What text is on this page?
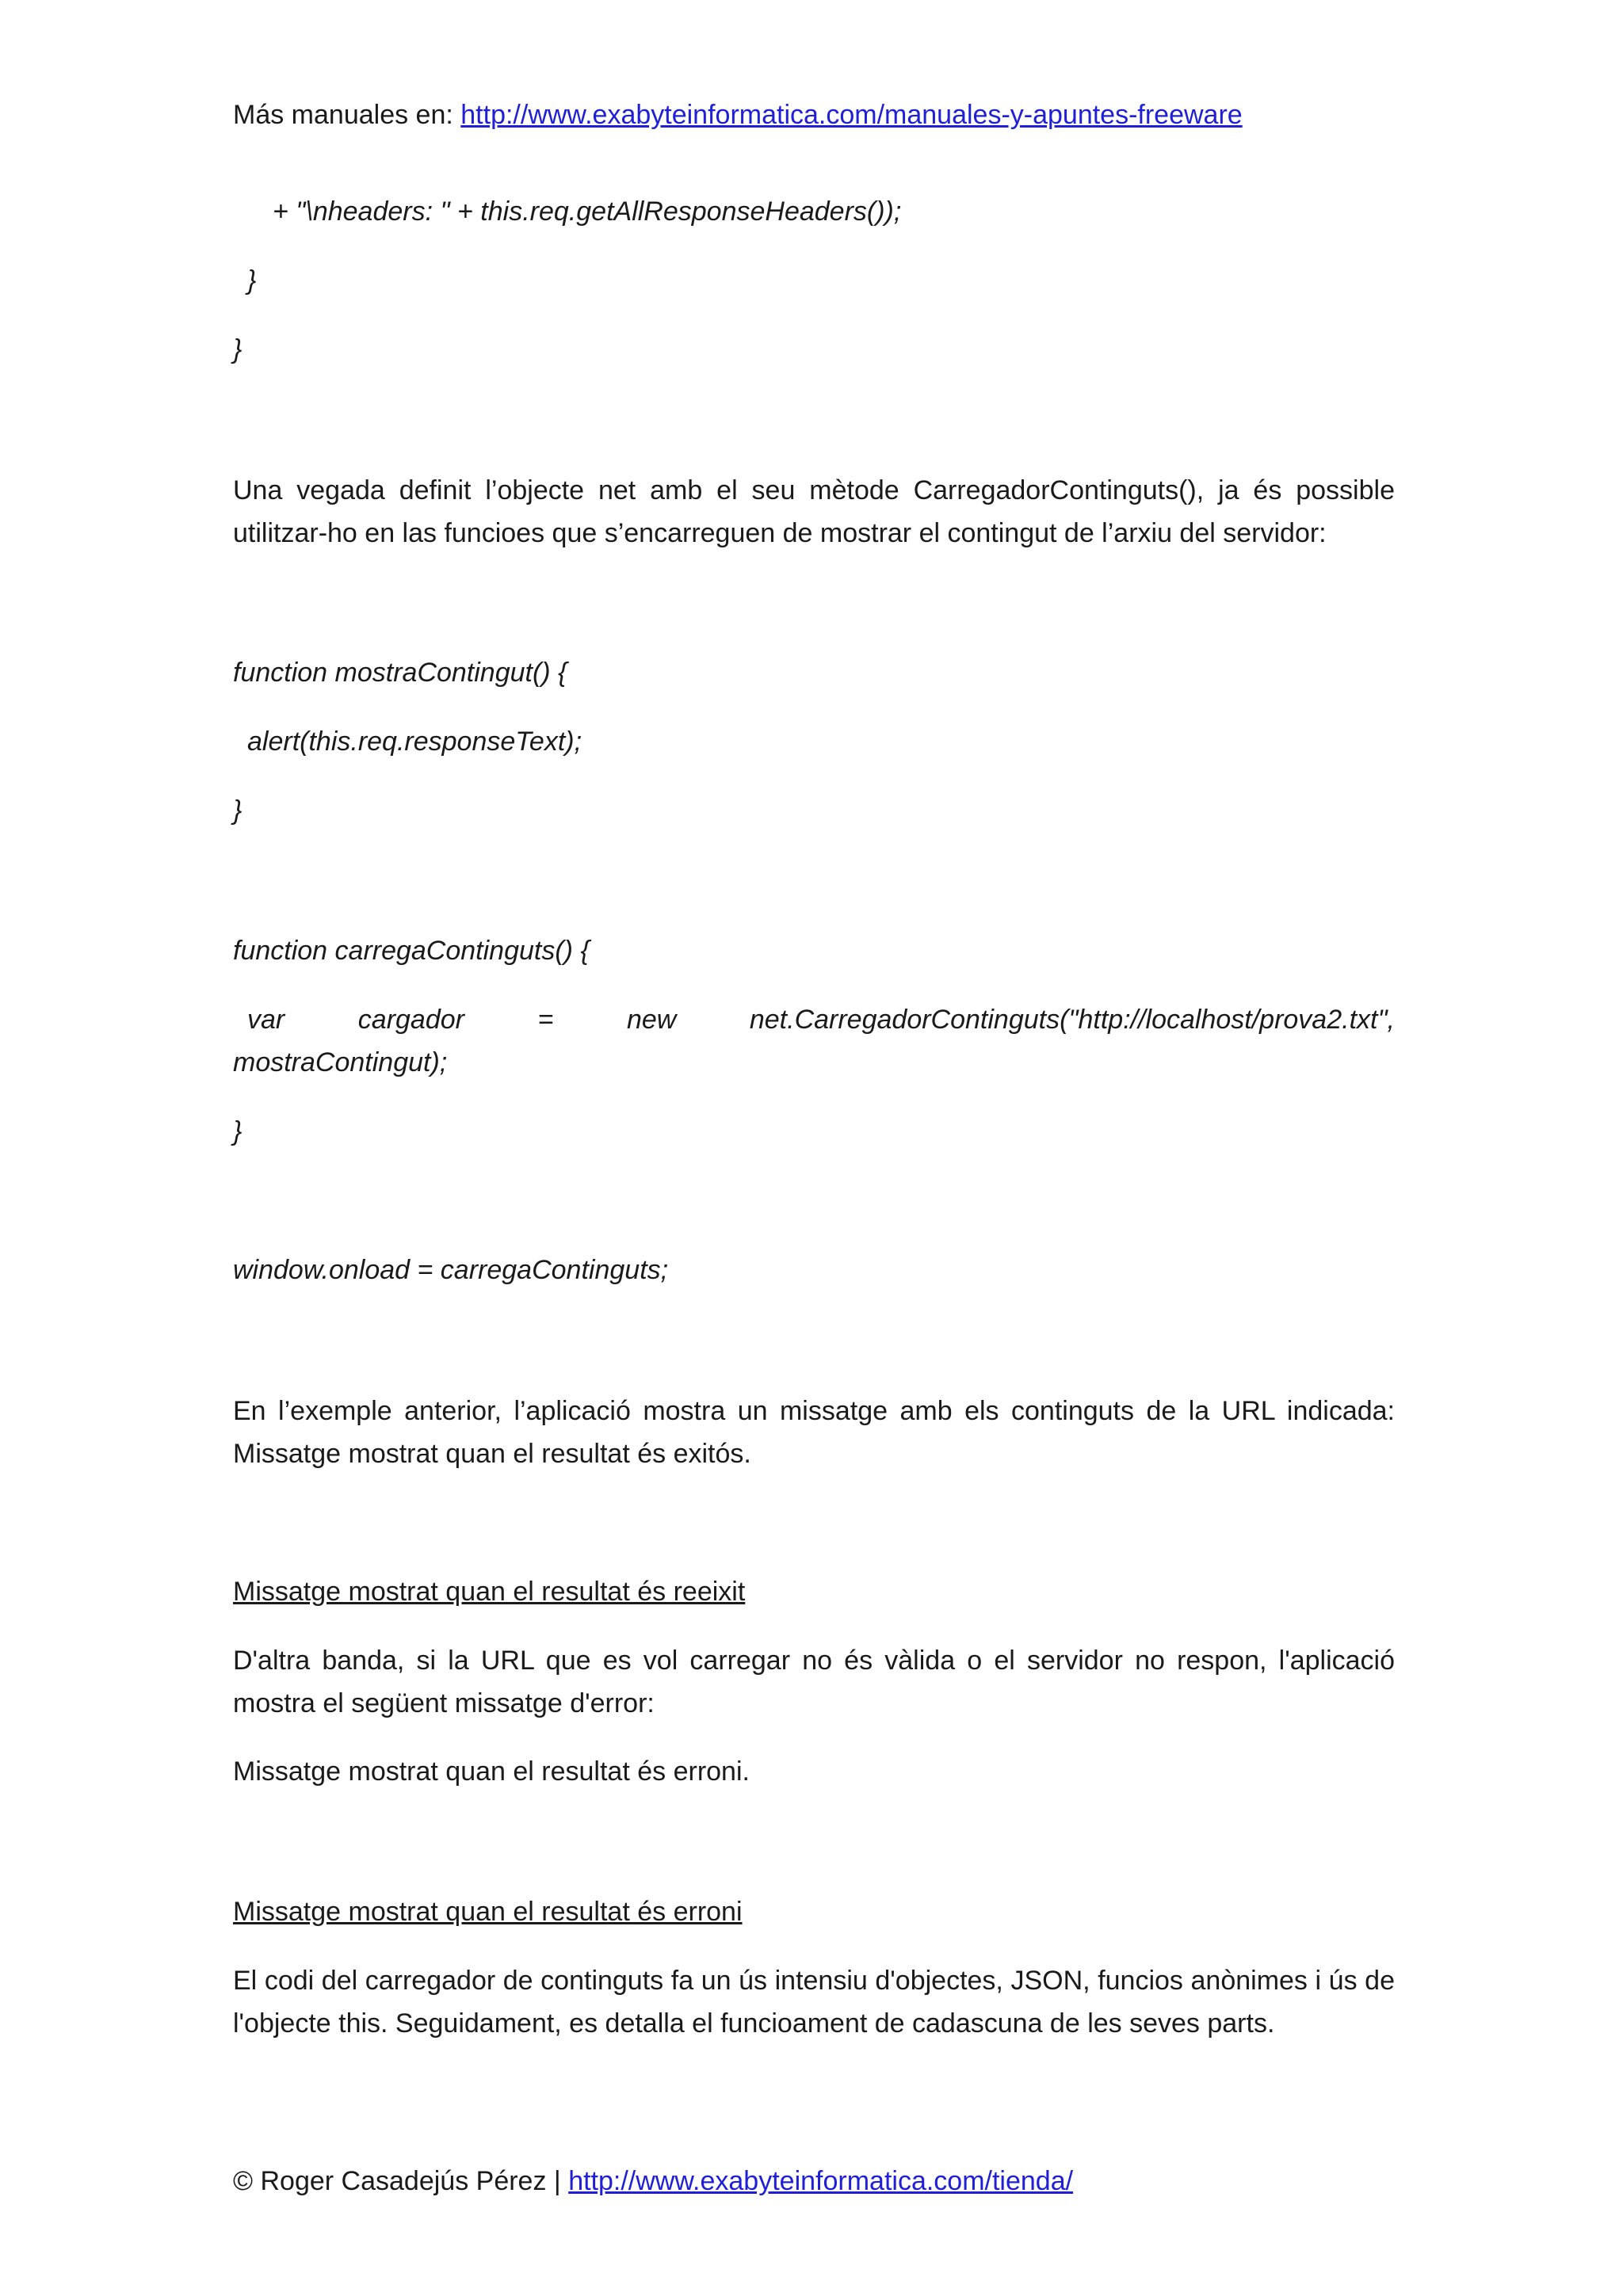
Más manuales en: http://www.exabyteinformatica.com/manuales-y-apuntes-freeware

+ "\nheaders: " + this.req.getAllResponseHeaders());

}

}

Una vegada definit l’objecte net amb el seu mètode CarregadorContinguts(), ja és possible utilitzar-ho en las funcioes que s’encarreguen de mostrar el contingut de l’arxiu del servidor:

function mostraContingut() {

alert(this.req.responseText);

}

function carregaContinguts() {

var	cargador	=	new	net.CarregadorContinguts("http://localhost/prova2.txt",

mostraContingut);

}

window.onload = carregaContinguts;

En l’exemple anterior, l’aplicació mostra un missatge amb els continguts de la URL indicada: Missatge mostrat quan el resultat és exitós.

Missatge mostrat quan el resultat és reeixit

D'altra banda, si la URL que es vol carregar no és vàlida o el servidor no respon, l'aplicació mostra el següent missatge d'error:

Missatge mostrat quan el resultat és erroni.

Missatge mostrat quan el resultat és erroni

El codi del carregador de continguts fa un ús intensiu d'objectes, JSON, funcios anònimes i ús de l'objecte this. Seguidament, es detalla el funcioament de cadascuna de les seves parts.

© Roger Casadejús Pérez | http://www.exabyteinformatica.com/tienda/
